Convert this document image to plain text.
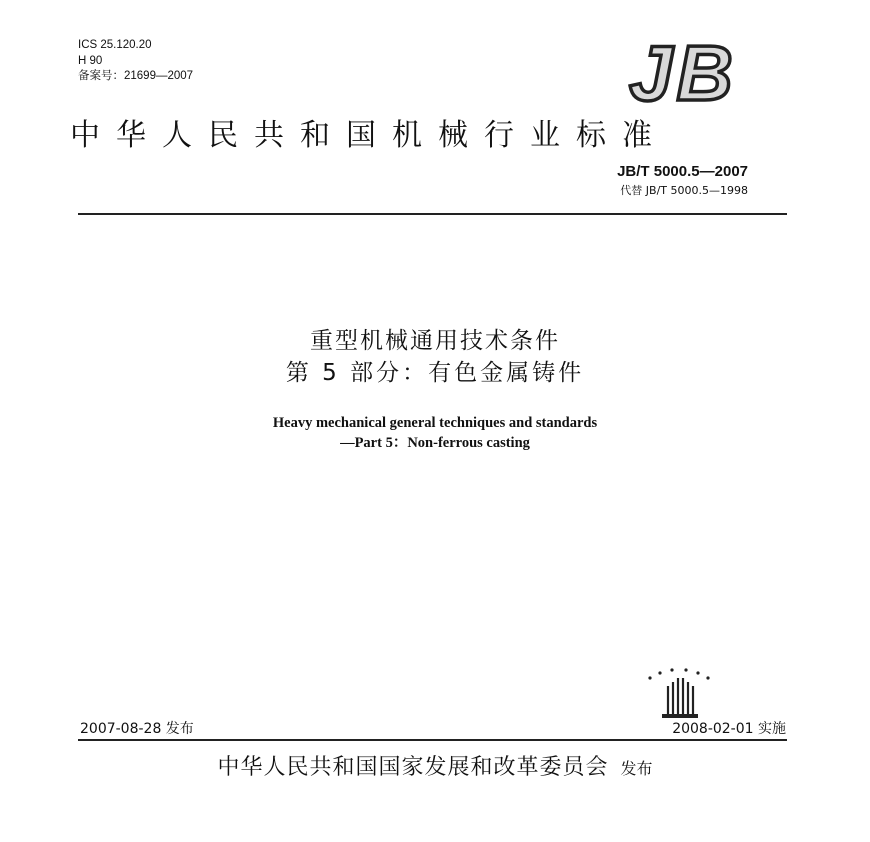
ICS 25.120.20
H 90
备案号：21699—2007	JB
中华人民共和国机械行业标准
JB/T 5000.5—2007
代替 JB/T 5000.5—1998
重型机械通用技术条件
第 5 部分：有色金属铸件
Heavy mechanical general techniques and standards
—Part 5：Non-ferrous casting
2007-08-28 发布	2008-02-01 实施
中华人民共和国国家发展和改革委员会 发布
